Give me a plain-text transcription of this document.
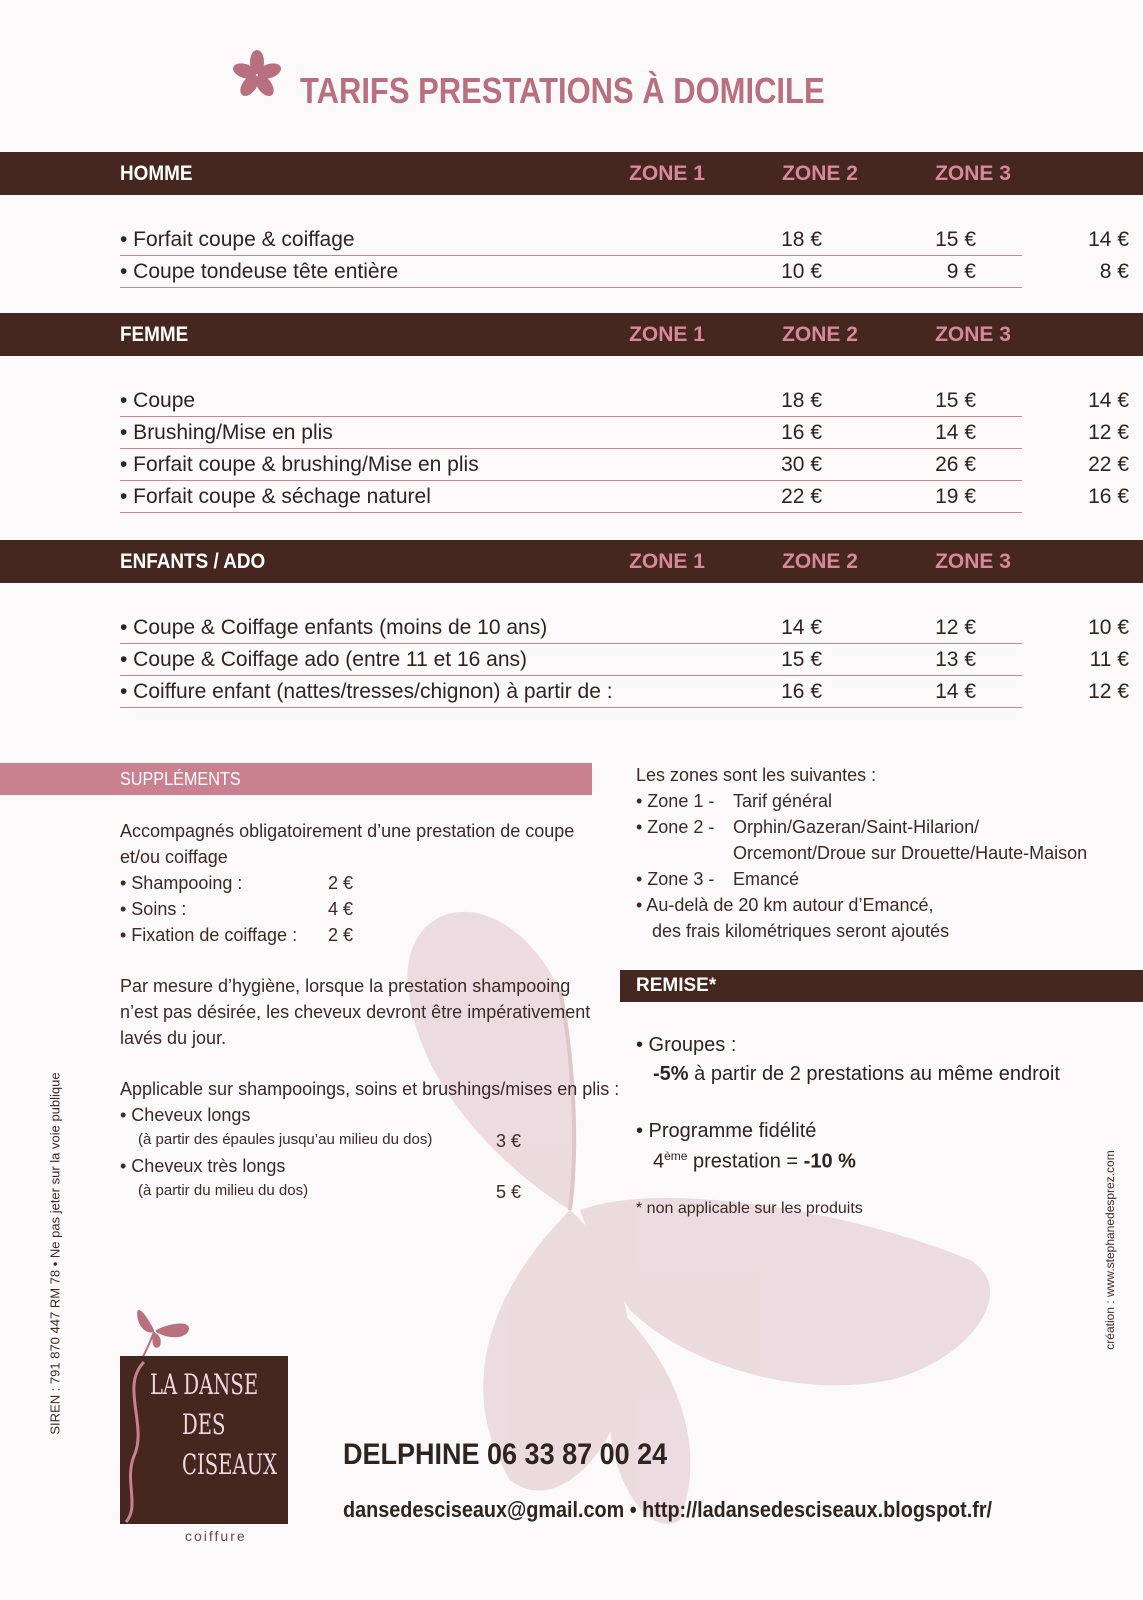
TARIFS PRESTATIONS À DOMICILE
HOMME	ZONE 1	ZONE 2	ZONE 3
• Forfait coupe & coiffage	18 €	15 €	14 €
• Coupe tondeuse tête entière	10 €	9 €	8 €
FEMME	ZONE 1	ZONE 2	ZONE 3
• Coupe	18 €	15 €	14 €
• Brushing/Mise en plis	16 €	14 €	12 €
• Forfait coupe & brushing/Mise en plis	30 €	26 €	22 €
• Forfait coupe & séchage naturel	22 €	19 €	16 €
ENFANTS / ADO	ZONE 1	ZONE 2	ZONE 3
• Coupe & Coiffage enfants (moins de 10 ans)	14 €	12 €	10 €
• Coupe & Coiffage ado (entre 11 et 16 ans)	15 €	13 €	11 €
• Coiffure enfant (nattes/tresses/chignon) à partir de :	16 €	14 €	12 €
SUPPLÉMENTS
Accompagnés obligatoirement d’une prestation de coupe
et/ou coiffage
• Shampooing :	2 €
• Soins :	4 €
• Fixation de coiffage : 2 €
Par mesure d’hygiène, lorsque la prestation shampooing
n’est pas désirée, les cheveux devront être impérativement
lavés du jour.
Applicable sur shampooings, soins et brushings/mises en plis :
• Cheveux longs
(à partir des épaules jusqu’au milieu du dos)	3 €
• Cheveux très longs
(à partir du milieu du dos)	5 €
Les zones sont les suivantes :
• Zone 1 - Tarif général
• Zone 2 - Orphin/Gazeran/Saint-Hilarion/
Orcemont/Droue sur Drouette/Haute-Maison
• Zone 3 - Emancé
• Au-delà de 20 km autour d’Emancé,
des frais kilométriques seront ajoutés
REMISE*
• Groupes :
-5% à partir de 2 prestations au même endroit
• Programme fidélité
4ème prestation = -10 %
* non applicable sur les produits
SIREN : 791 870 447 RM 78 • Ne pas jeter sur la voie publique	création : www.stephanedesprez.com
LA DANSE
DES
CISEAUX
coiffure
DELPHINE 06 33 87 00 24
dansedesciseaux@gmail.com • http://ladansedesciseaux.blogspot.fr/
